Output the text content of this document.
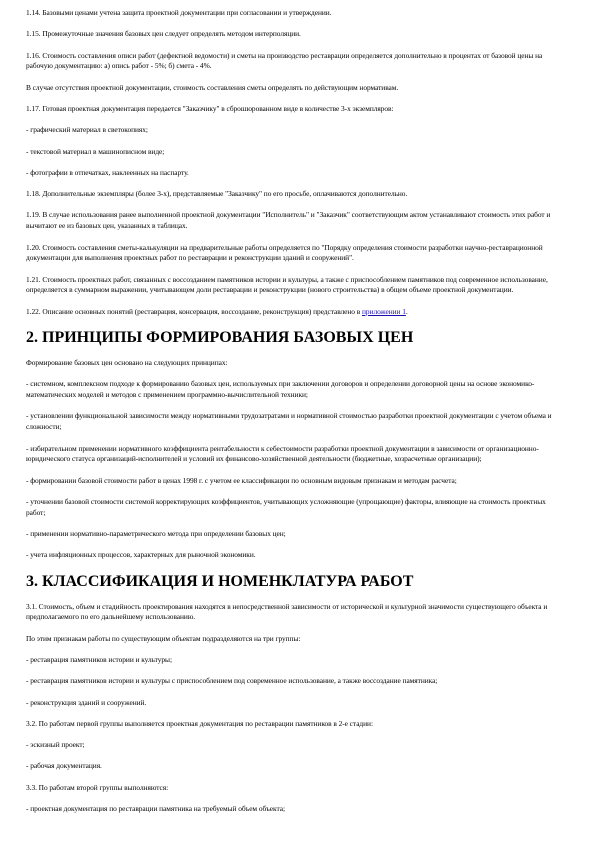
1.14. Базовыми ценами учтена защита проектной документации при согласовании и утверждении.

1.15. Промежуточные значения базовых цен следует определять методом интерполяции.

1.16. Стоимость составления описи работ (дефектной ведомости) и сметы на производство реставрации определяется дополнительно в процентах от базовой цены на рабочую документацию: а) опись работ - 5%; б) смета - 4%.

В случае отсутствия проектной документации, стоимость составления сметы определять по действующим нормативам.

1.17. Готовая проектная документация передается "Заказчику" в сброшюрованном виде в количестве 3-х экземпляров:

- графический материал в светокопиях;

- текстовой материал в машинописном виде;

- фотографии в отпечатках, наклеенных на паспарту.

1.18. Дополнительные экземпляры (более 3-х), представляемые "Заказчику" по его просьбе, оплачиваются дополнительно.

1.19. В случае использования ранее выполненной проектной документации "Исполнитель" и "Заказчик" соответствующим актом устанавливают стоимость этих работ и вычитают ее из базовых цен, указанных в таблицах.

1.20. Стоимость составления сметы-калькуляции на предварительные работы определяется по "Порядку определения стоимости разработки научно-реставрационной документации для выполнения проектных работ по реставрации и реконструкции зданий и сооружений".

1.21. Стоимость проектных работ, связанных с воссозданием памятников истории и культуры, а также с приспособлением памятников под современное использование, определяется в суммарном выражении, учитывающем доли реставрации и реконструкции (нового строительства) в общем объеме проектной документации.

1.22. Описание основных понятий (реставрация, консервация, воссоздание, реконструкция) представлено в приложении 1.

2. ПРИНЦИПЫ ФОРМИРОВАНИЯ БАЗОВЫХ ЦЕН

Формирование базовых цен основано на следующих принципах:

- системном, комплексном подходе к формированию базовых цен, используемых при заключении договоров и определении договорной цены на основе экономико-математических моделей и методов с применением программно-вычислительной техники;

- установлении функциональной зависимости между нормативными трудозатратами и нормативной стоимостью разработки проектной документации с учетом объема и сложности;

- избирательном применении нормативного коэффициента рентабельности к себестоимости разработки проектной документации в зависимости от организационно-юридического статуса организаций-исполнителей и условий их финансово-хозяйственной деятельности (бюджетные, хозрасчетные организации);

- формировании базовой стоимости работ в ценах 1998 г. с учетом ее классификации по основным видовым признакам и методам расчета;

- уточнении базовой стоимости системой корректирующих коэффициентов, учитывающих усложняющие (упрощающие) факторы, влияющие на стоимость проектных работ;

- применении нормативно-параметрического метода при определении базовых цен;

- учета инфляционных процессов, характерных для рыночной экономики.

3. КЛАССИФИКАЦИЯ И НОМЕНКЛАТУРА РАБОТ

3.1. Стоимость, объем и стадийность проектирования находятся в непосредственной зависимости от исторической и культурной значимости существующего объекта и предполагаемого по его дальнейшему использованию.

По этим признакам работы по существующим объектам подразделяются на три группы:

- реставрация памятников истории и культуры;

- реставрация памятников истории и культуры с приспособлением под современное использование, а также воссоздание памятника;

- реконструкция зданий и сооружений.

3.2. По работам первой группы выполняется проектная документация по реставрации памятников в 2-е стадии:

- эскизный проект;

- рабочая документация.

3.3. По работам второй группы выполняются:

- проектная документация по реставрации памятника на требуемый объем объекта;
